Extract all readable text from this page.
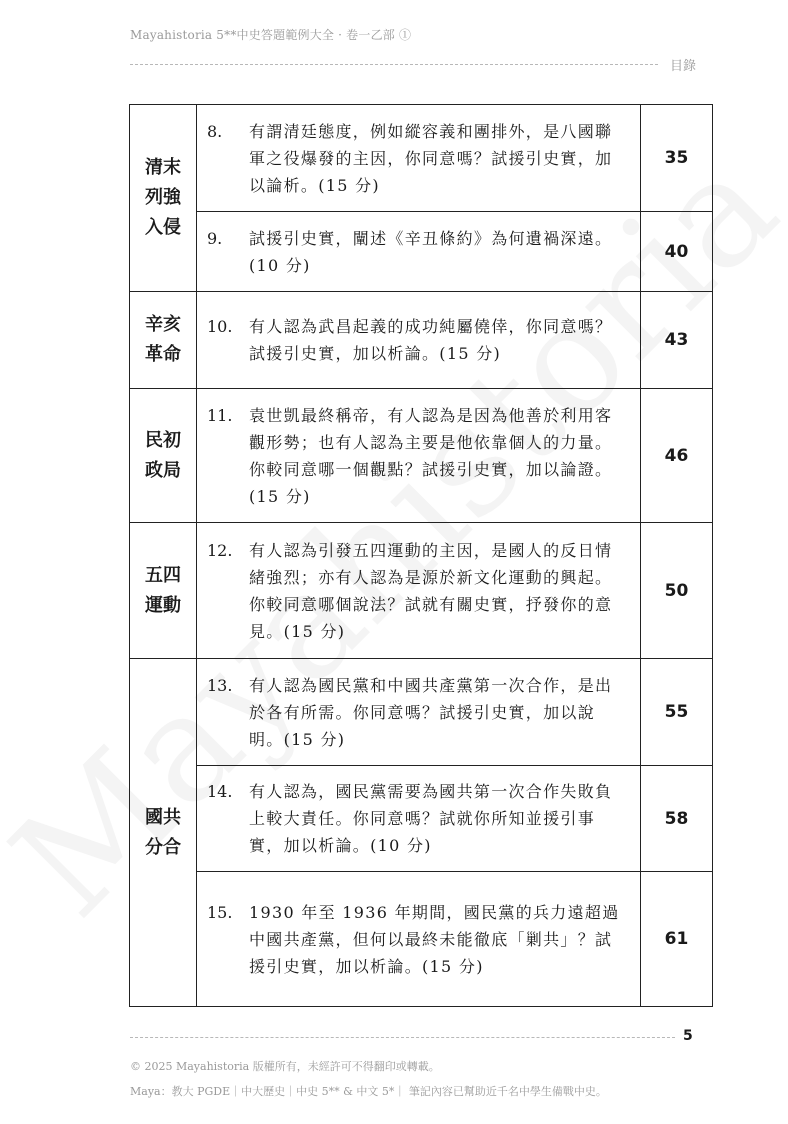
Mayahistoria 5**中史答題範例大全 · 卷一乙部 ①
目錄
清末列強入侵	8. 有謂清廷態度，例如縱容義和團排外，是八國聯軍之役爆發的主因，你同意嗎？試援引史實，加以論析。(15 分)	35

	9. 試援引史實，闡述《辛丑條約》為何遺禍深遠。(10 分)	40
辛亥革命	10. 有人認為武昌起義的成功純屬僥倖，你同意嗎？試援引史實，加以析論。(15 分)	43
民初政局	11. 袁世凱最終稱帝，有人認為是因為他善於利用客觀形勢；也有人認為主要是他依靠個人的力量。你較同意哪一個觀點？試援引史實，加以論證。(15 分)	46
五四運動	12. 有人認為引發五四運動的主因，是國人的反日情緒強烈；亦有人認為是源於新文化運動的興起。你較同意哪個說法？試就有關史實，抒發你的意見。(15 分)	50
國共分合	13. 有人認為國民黨和中國共產黨第一次合作，是出於各有所需。你同意嗎？試援引史實，加以說明。(15 分)	55

	14. 有人認為，國民黨需要為國共第一次合作失敗負上較大責任。你同意嗎？試就你所知並援引事實，加以析論。(10 分)	58

	15. 1930 年至 1936 年期間，國民黨的兵力遠超過中國共產黨，但何以最終未能徹底「剿共」？試援引史實，加以析論。(15 分)	61
5
© 2025 Mayahistoria 版權所有，未經許可不得翻印或轉載。
Maya：教大 PGDE｜中大歷史｜中史 5** & 中文 5*｜ 筆記內容已幫助近千名中學生備戰中史。
